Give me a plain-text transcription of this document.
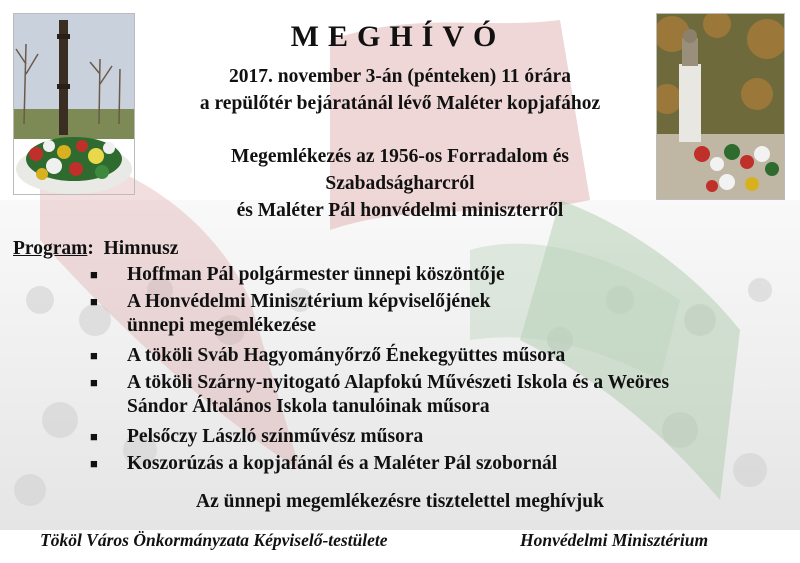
MEGHÍVÓ
2017. november 3-án (pénteken) 11 órára
a repülőtér bejáratánál lévő Maléter kopjafához
Megemlékezés az 1956-os Forradalom és
Szabadságharcról
és Maléter Pál honvédelmi miniszterről
Program: Himnusz
■ Hoffman Pál polgármester ünnepi köszöntője
■ A Honvédelmi Minisztérium képviselőjének
ünnepi megemlékezése
■ A tököli Sváb Hagyományőrző Énekegyüttes műsora
■ A tököli Szárny-nyitogató Alapfokú Művészeti Iskola és a Weöres
Sándor Általános Iskola tanulóinak műsora
■ Pelsőczy László színművész műsora
■ Koszorúzás a kopjafánál és a Maléter Pál szobornál
Az ünnepi megemlékezésre tisztelettel meghívjuk
Tököl Város Önkormányzata Képviselő-testülete	Honvédelmi Minisztérium
